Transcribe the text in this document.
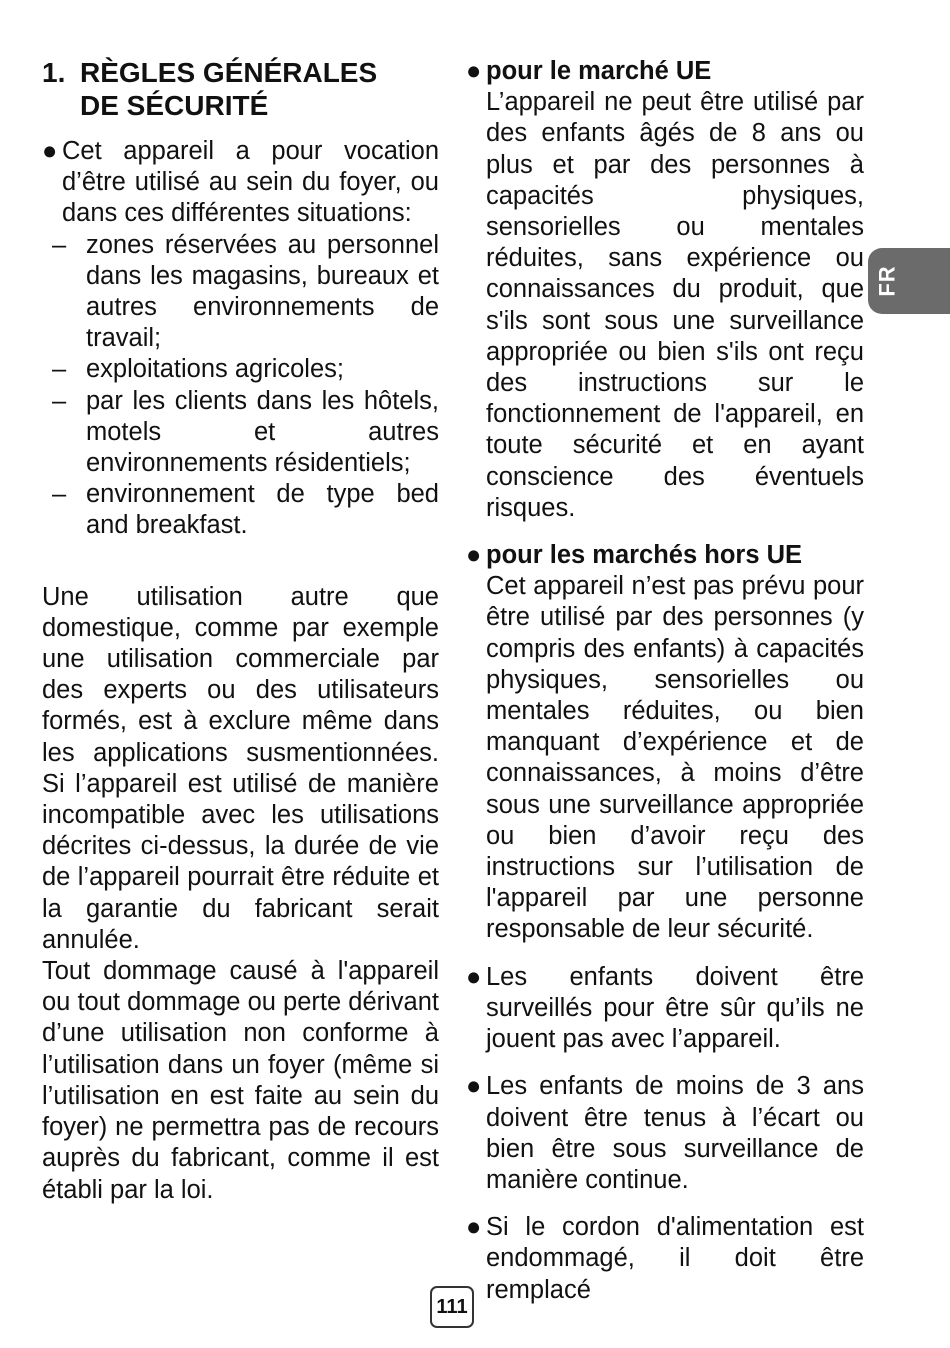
1. RÈGLES GÉNÉRALES
DE SÉCURITÉ
● Cet appareil a pour vocation d’être utilisé au sein du foyer, ou dans ces différentes situations:
– zones réservées au personnel dans les magasins, bureaux et autres environnements de travail;
– exploitations agricoles;
– par les clients dans les hôtels, motels et autres environnements résidentiels;
– environnement de type bed and breakfast.

Une utilisation autre que domestique, comme par exemple une utilisation commerciale par des experts ou des utilisateurs formés, est à exclure même dans les applications susmentionnées. Si l’appareil est utilisé de manière incompatible avec les utilisations décrites ci-dessus, la durée de vie de l’appareil pourrait être réduite et la garantie du fabricant serait annulée.

Tout dommage causé à l'appareil ou tout dommage ou perte dérivant d’une utilisation non conforme à l’utilisation dans un foyer (même si l’utilisation en est faite au sein du foyer) ne permettra pas de recours auprès du fabricant, comme il est établi par la loi.

● pour le marché UE
L’appareil ne peut être utilisé par des enfants âgés de 8 ans ou plus et par des personnes à capacités physiques, sensorielles ou mentales réduites, sans expérience ou connaissances du produit, que s'ils sont sous une surveillance appropriée ou bien s'ils ont reçu des instructions sur le fonctionnement de l'appareil, en toute sécurité et en ayant conscience des éventuels risques.
● pour les marchés hors UE
Cet appareil n’est pas prévu pour être utilisé par des personnes (y compris des enfants) à capacités physiques, sensorielles ou mentales réduites, ou bien manquant d’expérience et de connaissances, à moins d’être sous une surveillance appropriée ou bien d’avoir reçu des instructions sur l’utilisation de l'appareil par une personne responsable de leur sécurité.
● Les enfants doivent être surveillés pour être sûr qu’ils ne jouent pas avec l’appareil.
● Les enfants de moins de 3 ans doivent être tenus à l’écart ou bien être sous surveillance de manière continue.
● Si le cordon d'alimentation est endommagé, il doit être remplacé
FR
111
